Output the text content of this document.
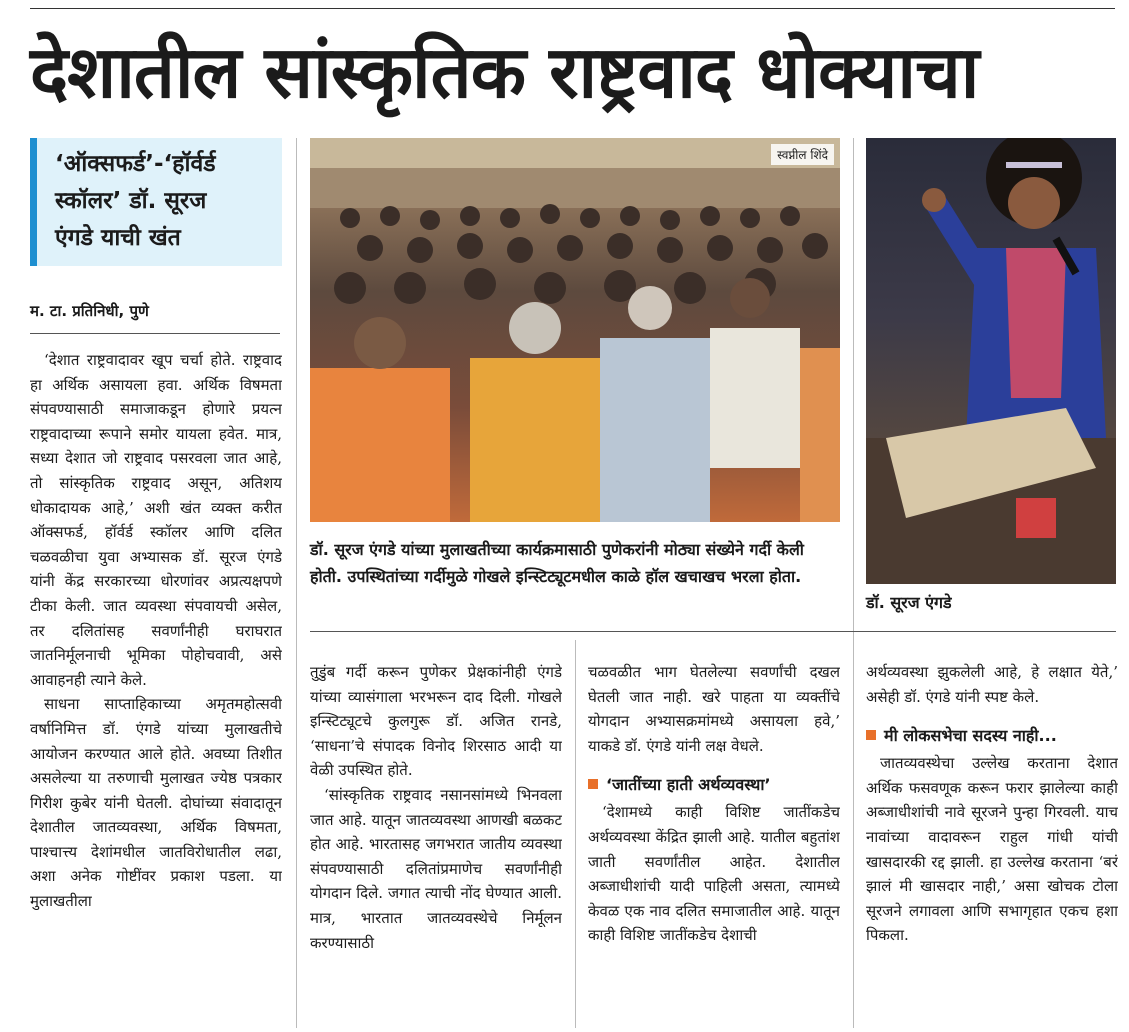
देशातील सांस्कृतिक राष्ट्रवाद धोक्याचा
‘ऑक्सफर्ड’-‘हॉर्वर्ड
स्कॉलर’ डॉ. सूरज
एंगडे याची खंत
म. टा. प्रतिनिधी, पुणे
स्वप्नील शिंदे
डॉ. सूरज एंगडे यांच्या मुलाखतीच्या कार्यक्रमासाठी पुणेकरांनी मोठ्या संख्येने गर्दी केली होती. उपस्थितांच्या गर्दीमुळे गोखले इन्स्टिट्यूटमधील काळे हॉल खचाखच भरला होता.
डॉ. सूरज एंगडे

‘देशात राष्ट्रवादावर खूप चर्चा होते. राष्ट्रवाद हा अर्थिक असायला हवा. अर्थिक विषमता संपवण्यासाठी समाजाकडून होणारे प्रयत्न राष्ट्रवादाच्या रूपाने समोर यायला हवेत. मात्र, सध्या देशात जो राष्ट्रवाद पसरवला जात आहे, तो सांस्कृतिक राष्ट्रवाद असून, अतिशय धोकादायक आहे,’ अशी खंत व्यक्त करीत ऑक्सफर्ड, हॉर्वर्ड स्कॉलर आणि दलित चळवळीचा युवा अभ्यासक डॉ. सूरज एंगडे यांनी केंद्र सरकारच्या धोरणांवर अप्रत्यक्षपणे टीका केली. जात व्यवस्था संपवायची असेल, तर दलितांसह सवर्णांनीही घराघरात जातनिर्मूलनाची भूमिका पोहोचवावी, असे आवाहनही त्याने केले.

साधना साप्ताहिकाच्या अमृतमहोत्सवी वर्षानिमित्त डॉ. एंगडे यांच्या मुलाखतीचे आयोजन करण्यात आले होते. अवघ्या तिशीत असलेल्या या तरुणाची मुलाखत ज्येष्ठ पत्रकार गिरीश कुबेर यांनी घेतली. दोघांच्या संवादातून देशातील जातव्यवस्था, अर्थिक विषमता, पाश्चात्त्य देशांमधील जातविरोधातील लढा, अशा अनेक गोष्टींवर प्रकाश पडला. या मुलाखतीला

तुडुंब गर्दी करून पुणेकर प्रेक्षकांनीही एंगडे यांच्या व्यासंगाला भरभरून दाद दिली. गोखले इन्स्टिट्यूटचे कुलगुरू डॉ. अजित रानडे, ‘साधना’चे संपादक विनोद शिरसाठ आदी या वेळी उपस्थित होते.

‘सांस्कृतिक राष्ट्रवाद नसानसांमध्ये भिनवला जात आहे. यातून जातव्यवस्था आणखी बळकट होत आहे. भारतासह जगभरात जातीय व्यवस्था संपवण्यासाठी दलितांप्रमाणेच सवर्णांनीही योगदान दिले. जगात त्याची नोंद घेण्यात आली. मात्र, भारतात जातव्यवस्थेचे निर्मूलन करण्यासाठी

चळवळीत भाग घेतलेल्या सवर्णांची दखल घेतली जात नाही. खरे पाहता या व्यक्तींचे योगदान अभ्यासक्रमांमध्ये असायला हवे,’ याकडे डॉ. एंगडे यांनी लक्ष वेधले.

‘जातींच्या हाती अर्थव्यवस्था’

‘देशामध्ये काही विशिष्ट जातींकडेच अर्थव्यवस्था केंद्रित झाली आहे. यातील बहुतांश जाती सवर्णांतील आहेत. देशातील अब्जाधीशांची यादी पाहिली असता, त्यामध्ये केवळ एक नाव दलित समाजातील आहे. यातून काही विशिष्ट जातींकडेच देशाची

अर्थव्यवस्था झुकलेली आहे, हे लक्षात येते,’ असेही डॉ. एंगडे यांनी स्पष्ट केले.

मी लोकसभेचा सदस्य नाही...

जातव्यवस्थेचा उल्लेख करताना देशात अर्थिक फसवणूक करून फरार झालेल्या काही अब्जाधीशांची नावे सूरजने पुन्हा गिरवली. याच नावांच्या वादावरून राहुल गांधी यांची खासदारकी रद्द झाली. हा उल्लेख करताना ‘बरं झालं मी खासदार नाही,’ असा खोचक टोला सूरजने लगावला आणि सभागृहात एकच हशा पिकला.
